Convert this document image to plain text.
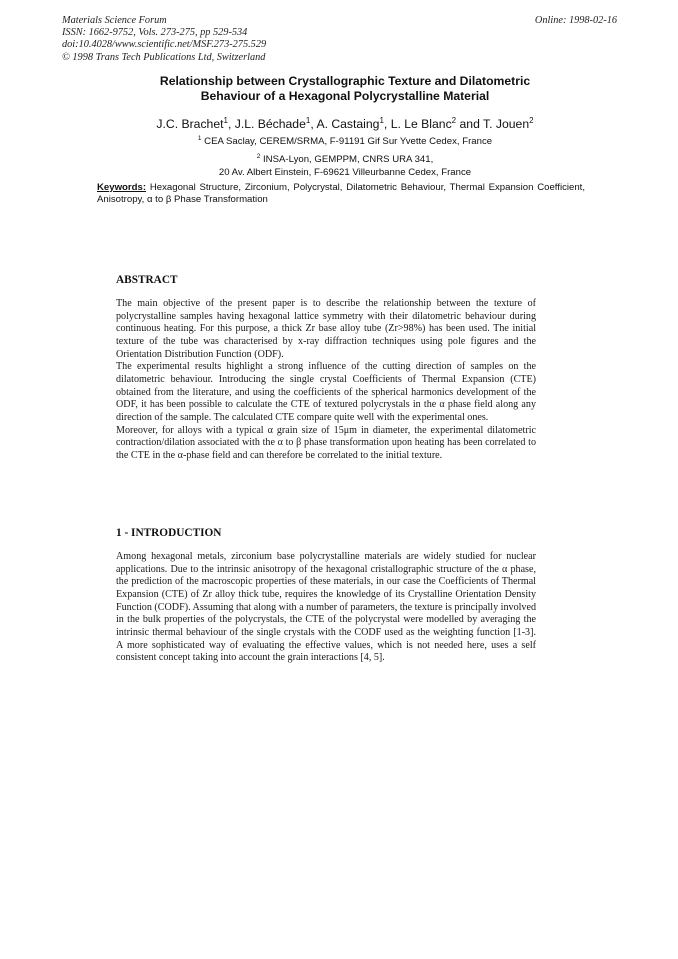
Materials Science Forum
ISSN: 1662-9752, Vols. 273-275, pp 529-534
doi:10.4028/www.scientific.net/MSF.273-275.529
© 1998 Trans Tech Publications Ltd, Switzerland
Online: 1998-02-16
Relationship between Crystallographic Texture and Dilatometric
Behaviour of a Hexagonal Polycrystalline Material
J.C. Brachet$^1$, J.L. Béchade$^1$, A. Castaing$^1$, L. Le Blanc$^2$ and T. Jouen$^2$
$^1$ CEA Saclay, CEREM/SRMA, F-91191 Gif Sur Yvette Cedex, France
$^2$ INSA-Lyon, GEMPPM, CNRS URA 341,
20 Av. Albert Einstein, F-69621 Villeurbanne Cedex, France
Keywords: Hexagonal Structure, Zirconium, Polycrystal, Dilatometric Behaviour, Thermal Expansion Coefficient, Anisotropy, α to β Phase Transformation
ABSTRACT

The main objective of the present paper is to describe the relationship between the texture of polycrystalline samples having hexagonal lattice symmetry with their dilatometric behaviour during continuous heating. For this purpose, a thick Zr base alloy tube (Zr>98%) has been used. The initial texture of the tube was characterised by x-ray diffraction techniques using pole figures and the Orientation Distribution Function (ODF).

The experimental results highlight a strong influence of the cutting direction of samples on the dilatometric behaviour. Introducing the single crystal Coefficients of Thermal Expansion (CTE) obtained from the literature, and using the coefficients of the spherical harmonics development of the ODF, it has been possible to calculate the CTE of textured polycrystals in the α phase field along any direction of the sample. The calculated CTE compare quite well with the experimental ones.

Moreover, for alloys with a typical α grain size of 15μm in diameter, the experimental dilatometric contraction/dilation associated with the α to β phase transformation upon heating has been correlated to the CTE in the α-phase field and can therefore be correlated to the initial texture.

1 - INTRODUCTION

Among hexagonal metals, zirconium base polycrystalline materials are widely studied for nuclear applications. Due to the intrinsic anisotropy of the hexagonal cristallographic structure of the α phase, the prediction of the macroscopic properties of these materials, in our case the Coefficients of Thermal Expansion (CTE) of Zr alloy thick tube, requires the knowledge of its Crystalline Orientation Density Function (CODF). Assuming that along with a number of parameters, the texture is principally involved in the bulk properties of the polycrystals, the CTE of the polycrystal were modelled by averaging the intrinsic thermal behaviour of the single crystals with the CODF used as the weighting function [1-3]. A more sophisticated way of evaluating the effective values, which is not needed here, uses a self consistent concept taking into account the grain interactions [4, 5].
